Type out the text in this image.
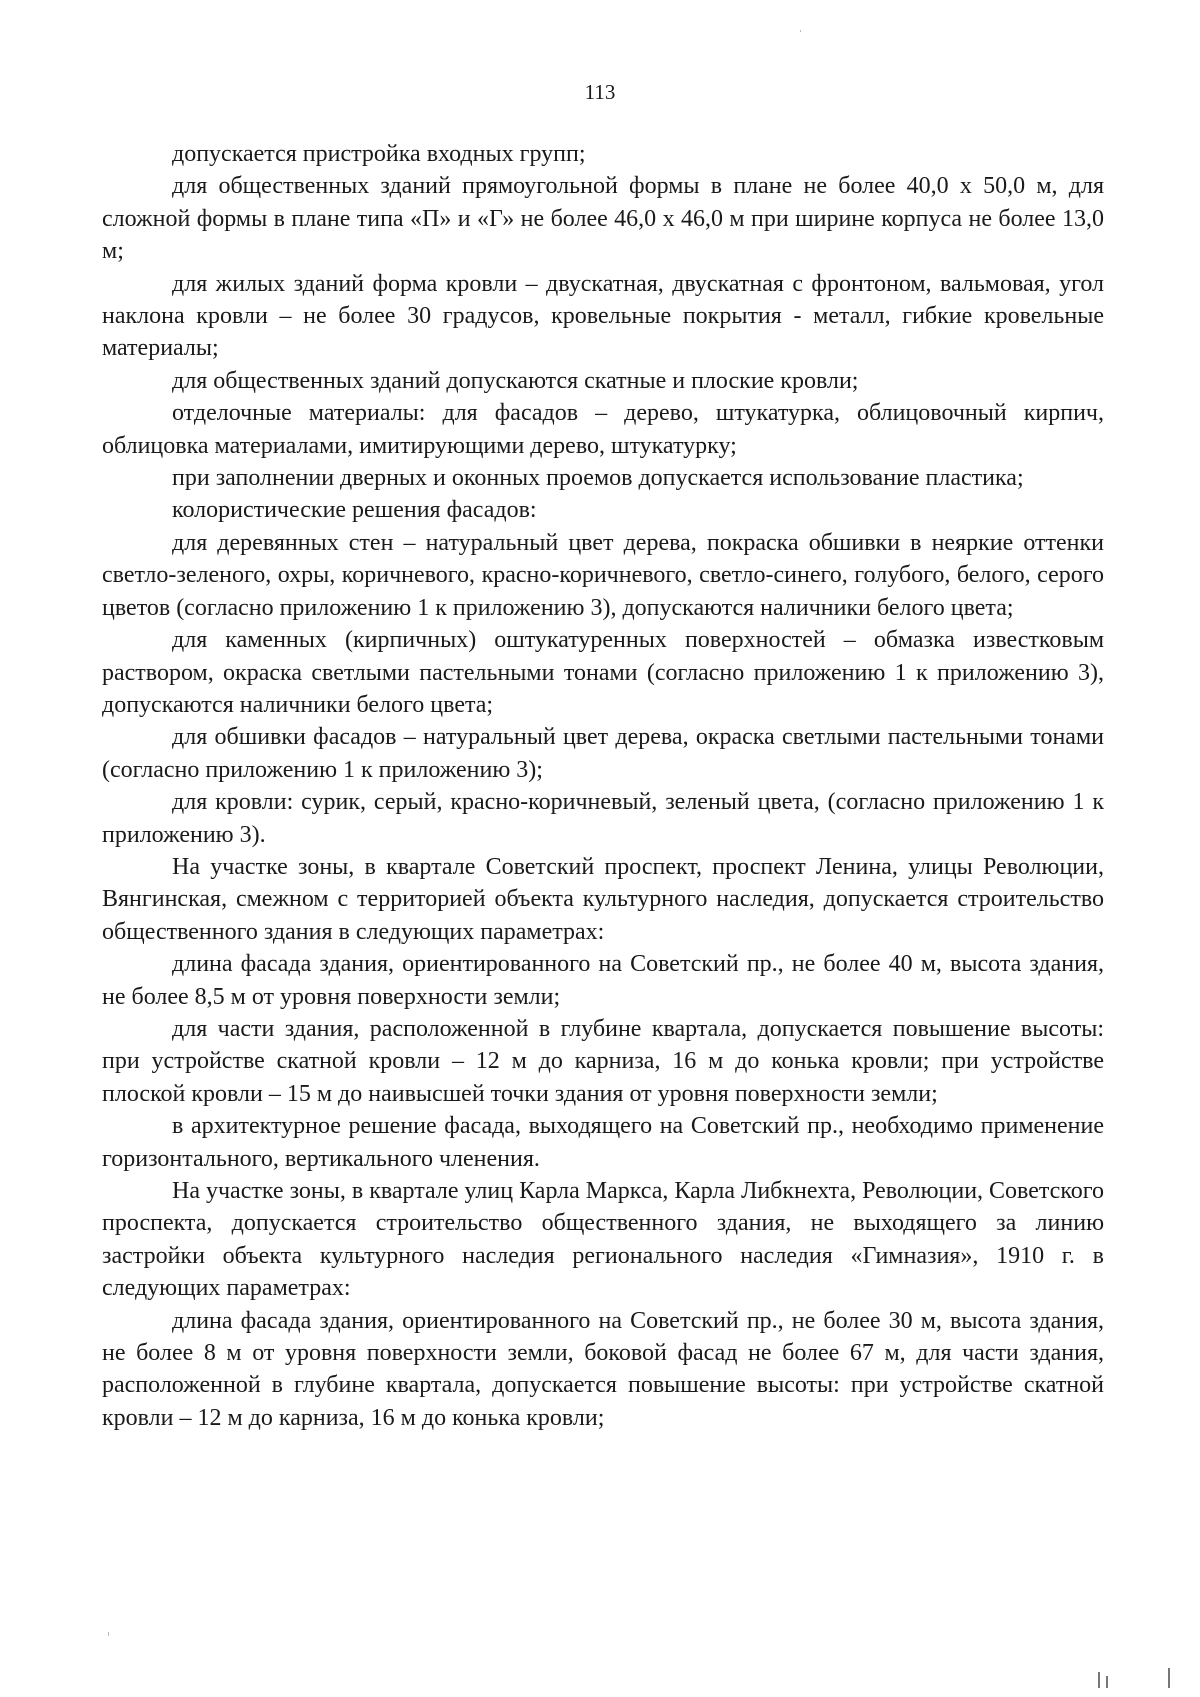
113

допускается пристройка входных групп;

для общественных зданий прямоугольной формы в плане не более 40,0 х 50,0 м, для сложной формы в плане типа «П» и «Г» не более 46,0 х 46,0 м при ширине корпуса не более 13,0 м;

для жилых зданий форма кровли – двускатная, двускатная с фронтоном, вальмовая, угол наклона кровли – не более 30 градусов, кровельные покрытия - металл, гибкие кровельные материалы;

для общественных зданий допускаются скатные и плоские кровли;

отделочные материалы: для фасадов – дерево, штукатурка, облицовочный кирпич, облицовка материалами, имитирующими дерево, штукатурку;

при заполнении дверных и оконных проемов допускается использование пластика;

колористические решения фасадов:

для деревянных стен – натуральный цвет дерева, покраска обшивки в неяркие оттенки светло-зеленого, охры, коричневого, красно-коричневого, светло-синего, голубого, белого, серого цветов (согласно приложению 1 к приложению 3), допускаются наличники белого цвета;

для каменных (кирпичных) оштукатуренных поверхностей – обмазка известковым раствором, окраска светлыми пастельными тонами (согласно приложению 1 к приложению 3), допускаются наличники белого цвета;

для обшивки фасадов – натуральный цвет дерева, окраска светлыми пастельными тонами (согласно приложению 1 к приложению 3);

для кровли: сурик, серый, красно-коричневый, зеленый цвета, (согласно приложению 1 к приложению 3).

На участке зоны, в квартале Советский проспект, проспект Ленина, улицы Революции, Вянгинская, смежном с территорией объекта культурного наследия, допускается строительство общественного здания в следующих параметрах:

длина фасада здания, ориентированного на Советский пр., не более 40 м, высота здания, не более 8,5 м от уровня поверхности земли;

для части здания, расположенной в глубине квартала, допускается повышение высоты: при устройстве скатной кровли – 12 м до карниза, 16 м до конька кровли; при устройстве плоской кровли – 15 м до наивысшей точки здания от уровня поверхности земли;

в архитектурное решение фасада, выходящего на Советский пр., необходимо применение горизонтального, вертикального членения.

На участке зоны, в квартале улиц Карла Маркса, Карла Либкнехта, Революции, Советского проспекта, допускается строительство общественного здания, не выходящего за линию застройки объекта культурного наследия регионального наследия «Гимназия», 1910 г. в следующих параметрах:

длина фасада здания, ориентированного на Советский пр., не более 30 м, высота здания, не более 8 м от уровня поверхности земли, боковой фасад не более 67 м, для части здания, расположенной в глубине квартала, допускается повышение высоты: при устройстве скатной кровли – 12 м до карниза, 16 м до конька кровли;
